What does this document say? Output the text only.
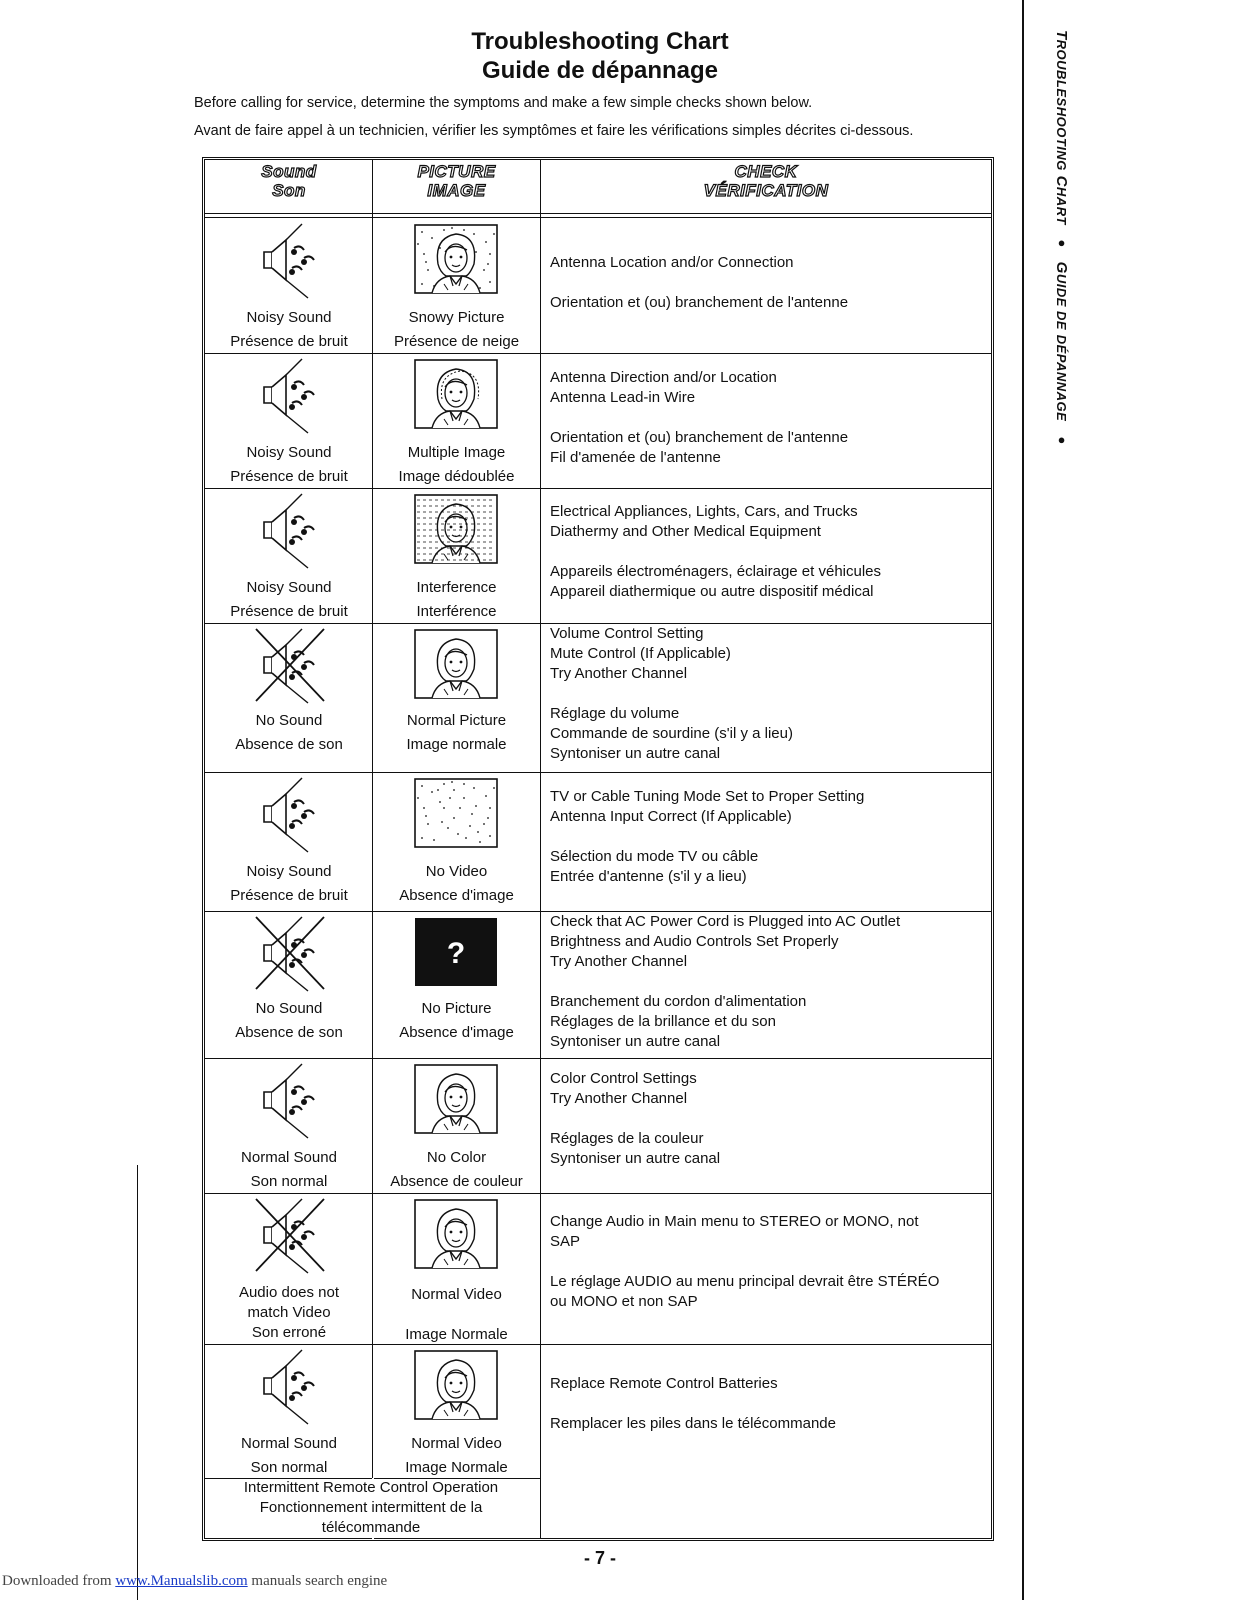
Troubleshooting Chart
Guide de dépannage
Before calling for service, determine the symptoms and make a few simple checks shown below.
Avant de faire appel à un technicien, vérifier les symptômes et faire les vérifications simples décrites ci-dessous.
TROUBLESHOOTING CHART ● GUIDE DE DÉPANNAGE ●
Sound
Son
PICTURE
IMAGE
CHECK
VÉRIFICATION
Noisy Sound
Présence de bruit
Snowy Picture
Présence de neige
Antenna Location and/or Connection
Orientation et (ou) branchement de l'antenne
Noisy Sound
Présence de bruit
Multiple Image
Image dédoublée
Antenna Direction and/or Location
Antenna Lead-in Wire
Orientation et (ou) branchement de l'antenne
Fil d'amenée de l'antenne
Noisy Sound
Présence de bruit
Interference
Interférence
Electrical Appliances, Lights, Cars, and Trucks
Diathermy and Other Medical Equipment
Appareils électroménagers, éclairage et véhicules
Appareil diathermique ou autre dispositif médical
No Sound
Absence de son
Normal Picture
Image normale
Volume Control Setting
Mute Control (If Applicable)
Try Another Channel
Réglage du volume
Commande de sourdine (s'il y a lieu)
Syntoniser un autre canal
Noisy Sound
Présence de bruit
No Video
Absence d'image
TV or Cable Tuning Mode Set to Proper Setting
Antenna Input Correct (If Applicable)
Sélection du mode TV ou câble
Entrée d'antenne (s'il y a lieu)
?
No Sound
Absence de son
No Picture
Absence d'image
Check that AC Power Cord is Plugged into AC Outlet
Brightness and Audio Controls Set Properly
Try Another Channel
Branchement du cordon d'alimentation
Réglages de la brillance et du son
Syntoniser un autre canal
Normal Sound
Son normal
No Color
Absence de couleur
Color Control Settings
Try Another Channel
Réglages de la couleur
Syntoniser un autre canal
Audio does not
match Video
Son erroné
Normal Video
Image Normale
Change Audio in Main menu to STEREO or MONO, not
SAP
Le réglage AUDIO au menu principal devrait être STÉRÉO
ou MONO et non SAP
Normal Sound
Son normal
Normal Video
Image Normale
Replace Remote Control Batteries
Remplacer les piles dans le télécommande
Intermittent Remote Control Operation
Fonctionnement intermittent de la
télécommande
- 7 -
Downloaded from www.Manualslib.com manuals search engine
